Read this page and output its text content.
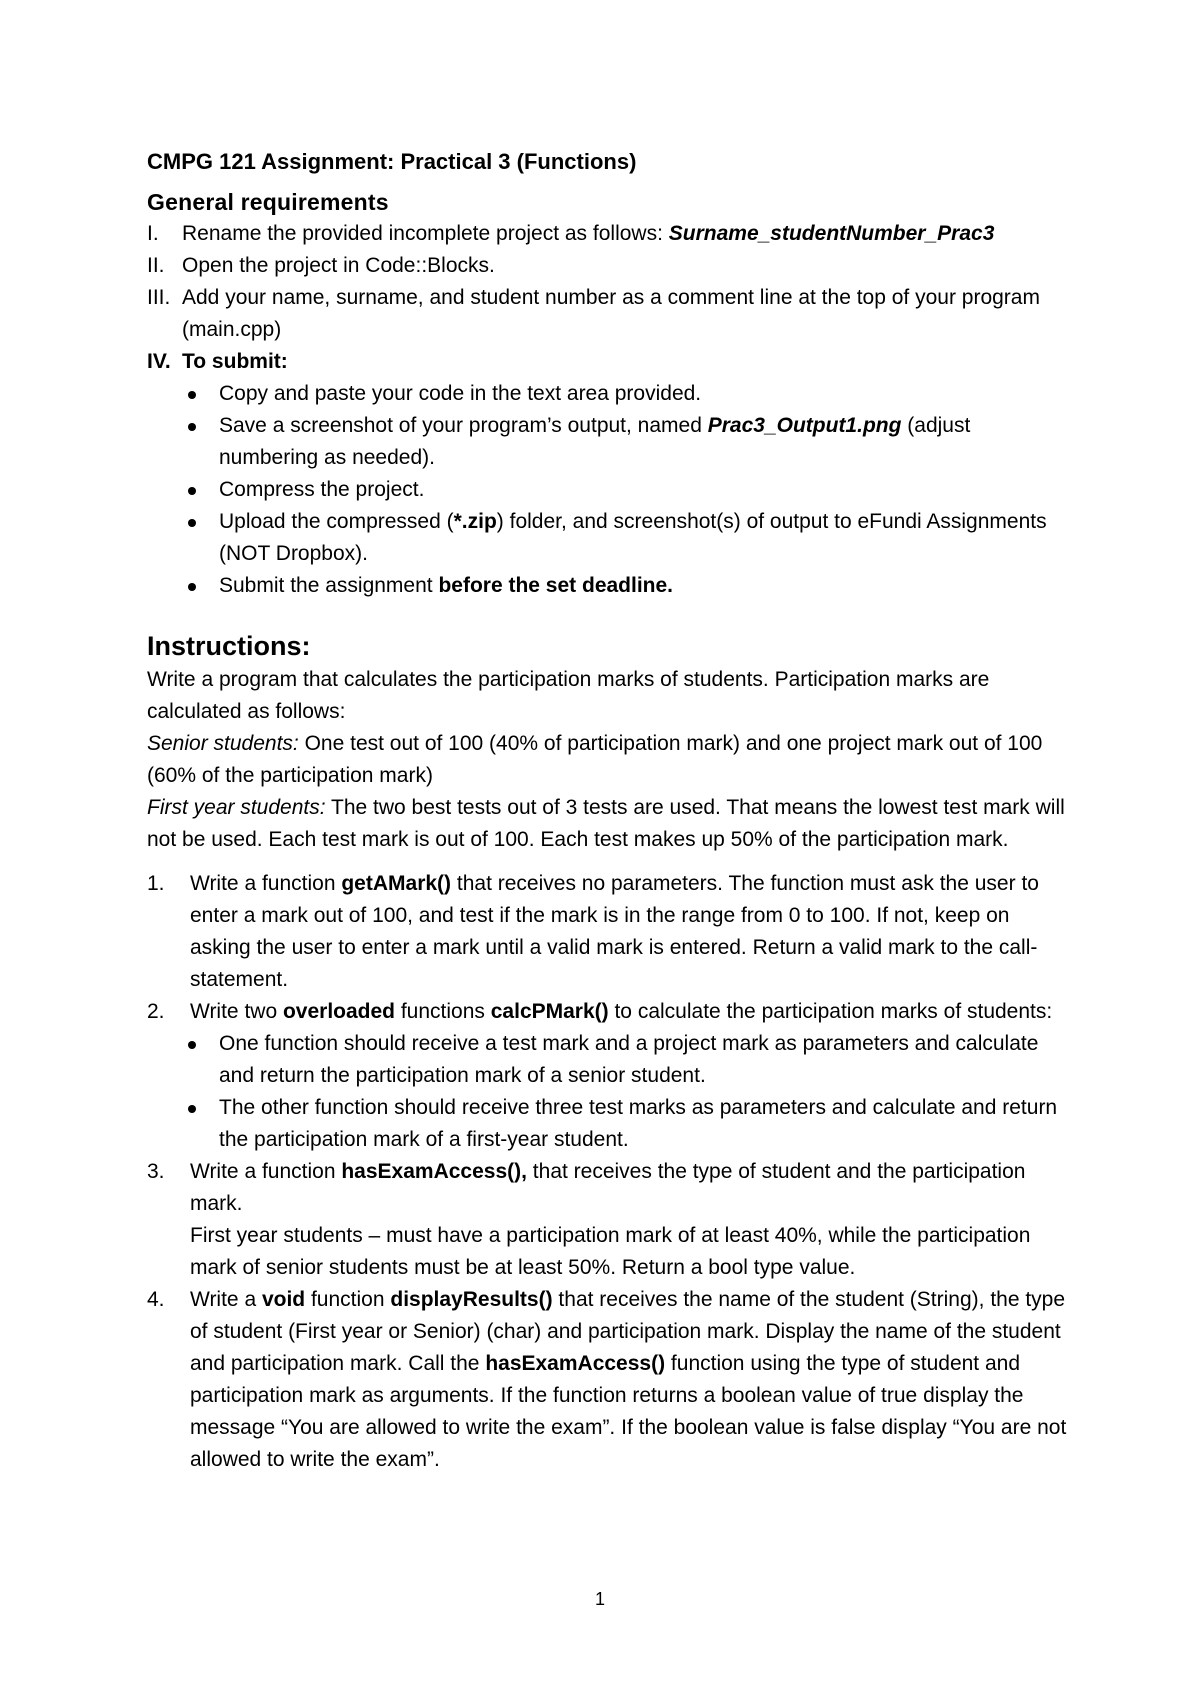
CMPG 121 Assignment: Practical 3 (Functions)
General requirements
I.	Rename the provided incomplete project as follows: Surname_studentNumber_Prac3
II. Open the project in Code::Blocks.
III. Add your name, surname, and student number as a comment line at the top of your program (main.cpp)
IV. To submit:
Copy and paste your code in the text area provided.
Save a screenshot of your program’s output, named Prac3_Output1.png (adjust numbering as needed).
Compress the project.
Upload the compressed (*.zip) folder, and screenshot(s) of output to eFundi Assignments (NOT Dropbox).
Submit the assignment before the set deadline.
Instructions:

Write a program that calculates the participation marks of students. Participation marks are calculated as follows:

Senior students: One test out of 100 (40% of participation mark) and one project mark out of 100 (60% of the participation mark)

First year students: The two best tests out of 3 tests are used. That means the lowest test mark will not be used. Each test mark is out of 100. Each test makes up 50% of the participation mark.

1. Write a function getAMark() that receives no parameters. The function must ask the user to enter a mark out of 100, and test if the mark is in the range from 0 to 100. If not, keep on asking the user to enter a mark until a valid mark is entered. Return a valid mark to the call-statement.
2. Write two overloaded functions calcPMark() to calculate the participation marks of students:
One function should receive a test mark and a project mark as parameters and calculate and return the participation mark of a senior student.
The other function should receive three test marks as parameters and calculate and return the participation mark of a first-year student.
3. Write a function hasExamAccess(), that receives the type of student and the participation mark.
First year students – must have a participation mark of at least 40%, while the participation mark of senior students must be at least 50%. Return a bool type value.
4. Write a void function displayResults() that receives the name of the student (String), the type of student (First year or Senior) (char) and participation mark. Display the name of the student and participation mark. Call the hasExamAccess() function using the type of student and participation mark as arguments. If the function returns a boolean value of true display the message “You are allowed to write the exam”. If the boolean value is false display “You are not allowed to write the exam”.
1
